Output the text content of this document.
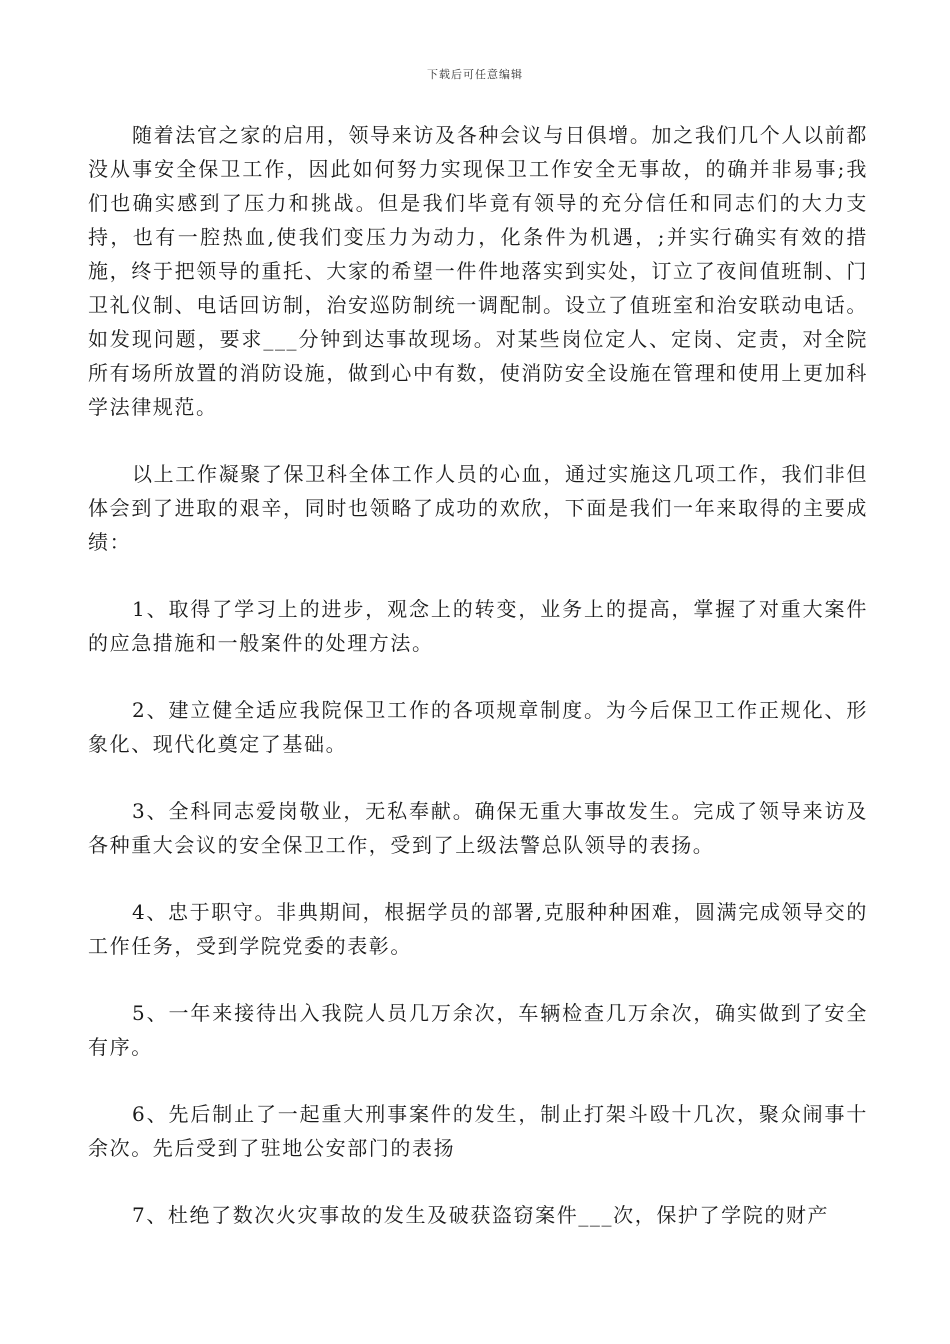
下载后可任意编辑

随着法官之家的启用，领导来访及各种会议与日俱增。加之我们几个人以前都没从事安全保卫工作，因此如何努力实现保卫工作安全无事故，的确并非易事;我们也确实感到了压力和挑战。但是我们毕竟有领导的充分信任和同志们的大力支持，也有一腔热血,使我们变压力为动力，化条件为机遇，;并实行确实有效的措施，终于把领导的重托、大家的希望一件件地落实到实处，订立了夜间值班制、门卫礼仪制、电话回访制，治安巡防制统一调配制。设立了值班室和治安联动电话。如发现问题，要求___分钟到达事故现场。对某些岗位定人、定岗、定责，对全院所有场所放置的消防设施，做到心中有数，使消防安全设施在管理和使用上更加科学法律规范。

以上工作凝聚了保卫科全体工作人员的心血，通过实施这几项工作，我们非但体会到了进取的艰辛，同时也领略了成功的欢欣，下面是我们一年来取得的主要成绩：

1、取得了学习上的进步，观念上的转变，业务上的提高，掌握了对重大案件的应急措施和一般案件的处理方法。

2、建立健全适应我院保卫工作的各项规章制度。为今后保卫工作正规化、形象化、现代化奠定了基础。

3、全科同志爱岗敬业，无私奉献。确保无重大事故发生。完成了领导来访及各种重大会议的安全保卫工作，受到了上级法警总队领导的表扬。

4、忠于职守。非典期间，根据学员的部署,克服种种困难，圆满完成领导交的工作任务，受到学院党委的表彰。

5、一年来接待出入我院人员几万余次，车辆检查几万余次，确实做到了安全有序。

6、先后制止了一起重大刑事案件的发生，制止打架斗殴十几次，聚众闹事十余次。先后受到了驻地公安部门的表扬

7、杜绝了数次火灾事故的发生及破获盗窃案件___次，保护了学院的财产
